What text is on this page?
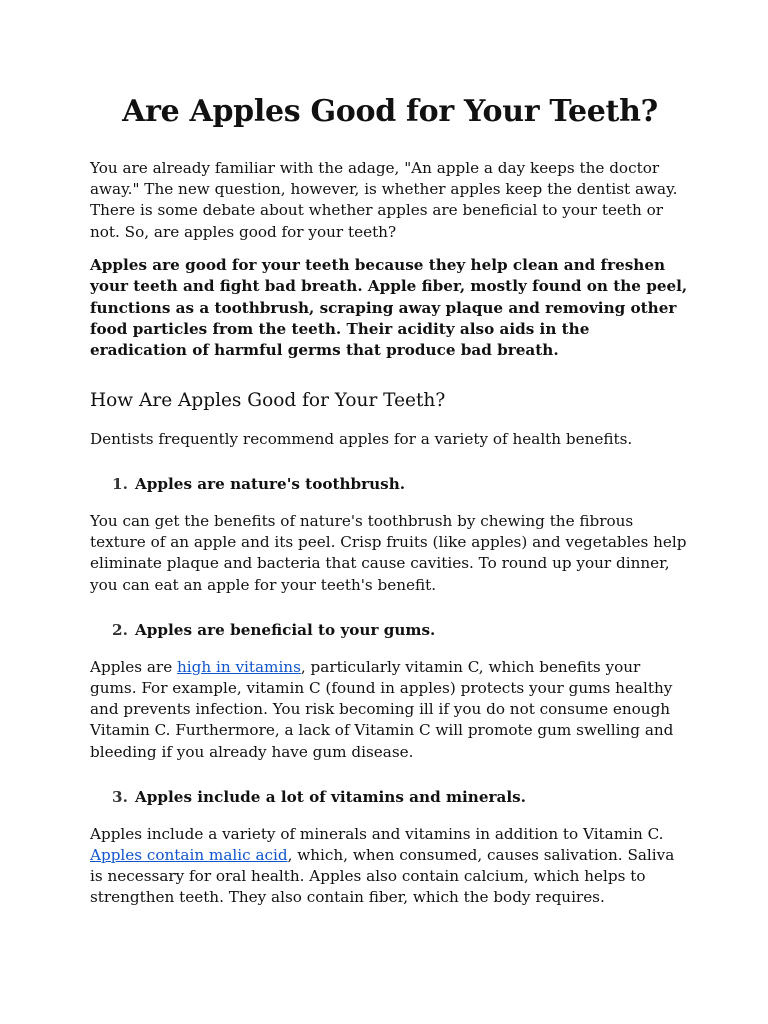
Are Apples Good for Your Teeth?

You are already familiar with the adage, "An apple a day keeps the doctor away." The new question, however, is whether apples keep the dentist away. There is some debate about whether apples are beneficial to your teeth or not. So, are apples good for your teeth?

Apples are good for your teeth because they help clean and freshen your teeth and fight bad breath. Apple fiber, mostly found on the peel, functions as a toothbrush, scraping away plaque and removing other food particles from the teeth. Their acidity also aids in the eradication of harmful germs that produce bad breath.

How Are Apples Good for Your Teeth?

Dentists frequently recommend apples for a variety of health benefits.

1. Apples are nature's toothbrush.

You can get the benefits of nature's toothbrush by chewing the fibrous texture of an apple and its peel. Crisp fruits (like apples) and vegetables help eliminate plaque and bacteria that cause cavities. To round up your dinner, you can eat an apple for your teeth's benefit.

2. Apples are beneficial to your gums.

Apples are high in vitamins, particularly vitamin C, which benefits your gums. For example, vitamin C (found in apples) protects your gums healthy and prevents infection. You risk becoming ill if you do not consume enough Vitamin C. Furthermore, a lack of Vitamin C will promote gum swelling and bleeding if you already have gum disease.

3. Apples include a lot of vitamins and minerals.

Apples include a variety of minerals and vitamins in addition to Vitamin C. Apples contain malic acid, which, when consumed, causes salivation. Saliva is necessary for oral health. Apples also contain calcium, which helps to strengthen teeth. They also contain fiber, which the body requires.
